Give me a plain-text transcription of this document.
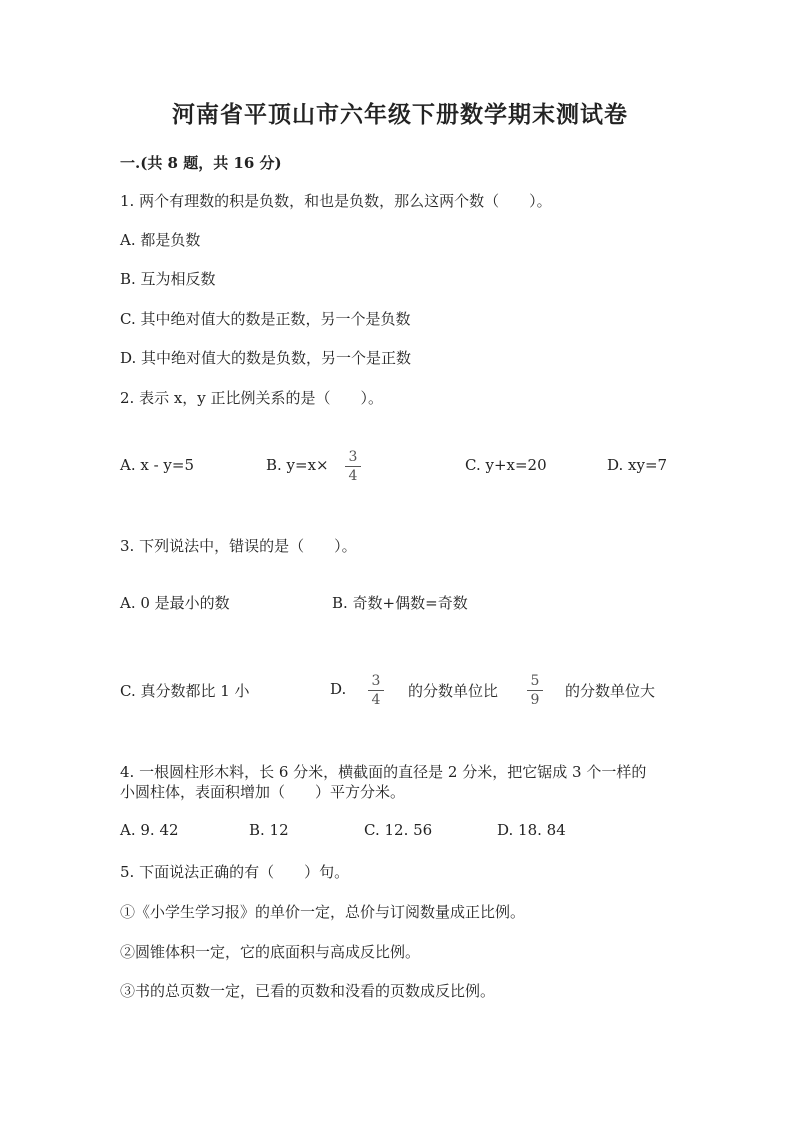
河南省平顶山市六年级下册数学期末测试卷
一.(共 8 题，共 16 分)
1. 两个有理数的积是负数，和也是负数，那么这两个数（　　）。
A. 都是负数
B. 互为相反数
C. 其中绝对值大的数是正数，另一个是负数
D. 其中绝对值大的数是负数，另一个是正数
2. 表示 x，y 正比例关系的是（　　）。
A. x - y=5	B. y=x× 3
4
C. y+x=20	D. xy=7
3. 下列说法中，错误的是（　　）。
A. 0 是最小的数	B. 奇数+偶数=奇数
C. 真分数都比 1 小	D. 3
4 的分数单位比
5
9 的分数单位大
4. 一根圆柱形木料，长 6 分米，横截面的直径是 2 分米，把它锯成 3 个一样的
小圆柱体，表面积增加（　　）平方分米。
A. 9. 42	B. 12	C. 12. 56	D. 18. 84
5. 下面说法正确的有（　　）句。
①《小学生学习报》的单价一定，总价与订阅数量成正比例。
②圆锥体积一定，它的底面积与高成反比例。
③书的总页数一定，已看的页数和没看的页数成反比例。
